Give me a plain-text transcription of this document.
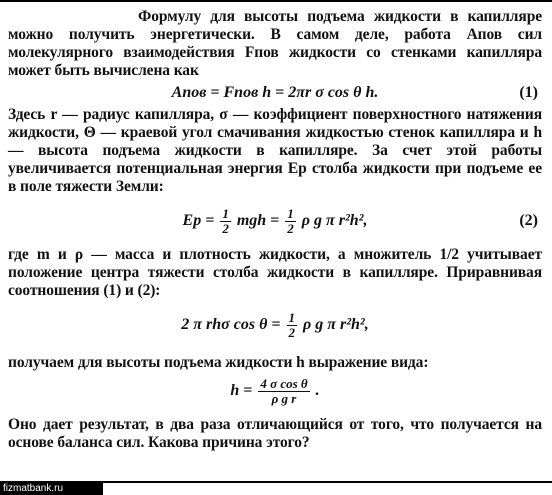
Формулу для высоты подъема жидкости в капилляре можно получить энергетически. В самом деле, работа Aпов сил молекулярного взаимодействия Fпов жидкости со стенками капилляра может быть вычислена как

Aпов = Fпов h = 2πr σ cos θ h.	(1)

Здесь r — радиус капилляра, σ — коэффициент поверхностного натяжения жидкости, Θ — краевой угол смачивания жидкостью стенок капилляра и h — высота подъема жидкости в капилляре. За счет этой работы увеличивается потенциальная энергия Ep столба жидкости при подъеме ее в поле тяжести Земли:

$Ep = \frac{1}{2}$ mgh = $\frac{1}{2}$ ρ g π r²h²,	(2)

где m и ρ — масса и плотность жидкости, а множитель 1/2 учитывает положение центра тяжести столба жидкости в капилляре. Приравнивая соотношения (1) и (2):

2 π rhσ $\cos \theta = \frac{1}{2}$ ρ g π r²h²,

получаем для высоты подъема жидкости h выражение вида:

$h = \frac{\text{4 σ cos θ}}{\text{ρ g r}}$ .

Оно дает результат, в два раза отличающийся от того, что получается на основе баланса сил. Какова причина этого?

fizmatbank.ru
